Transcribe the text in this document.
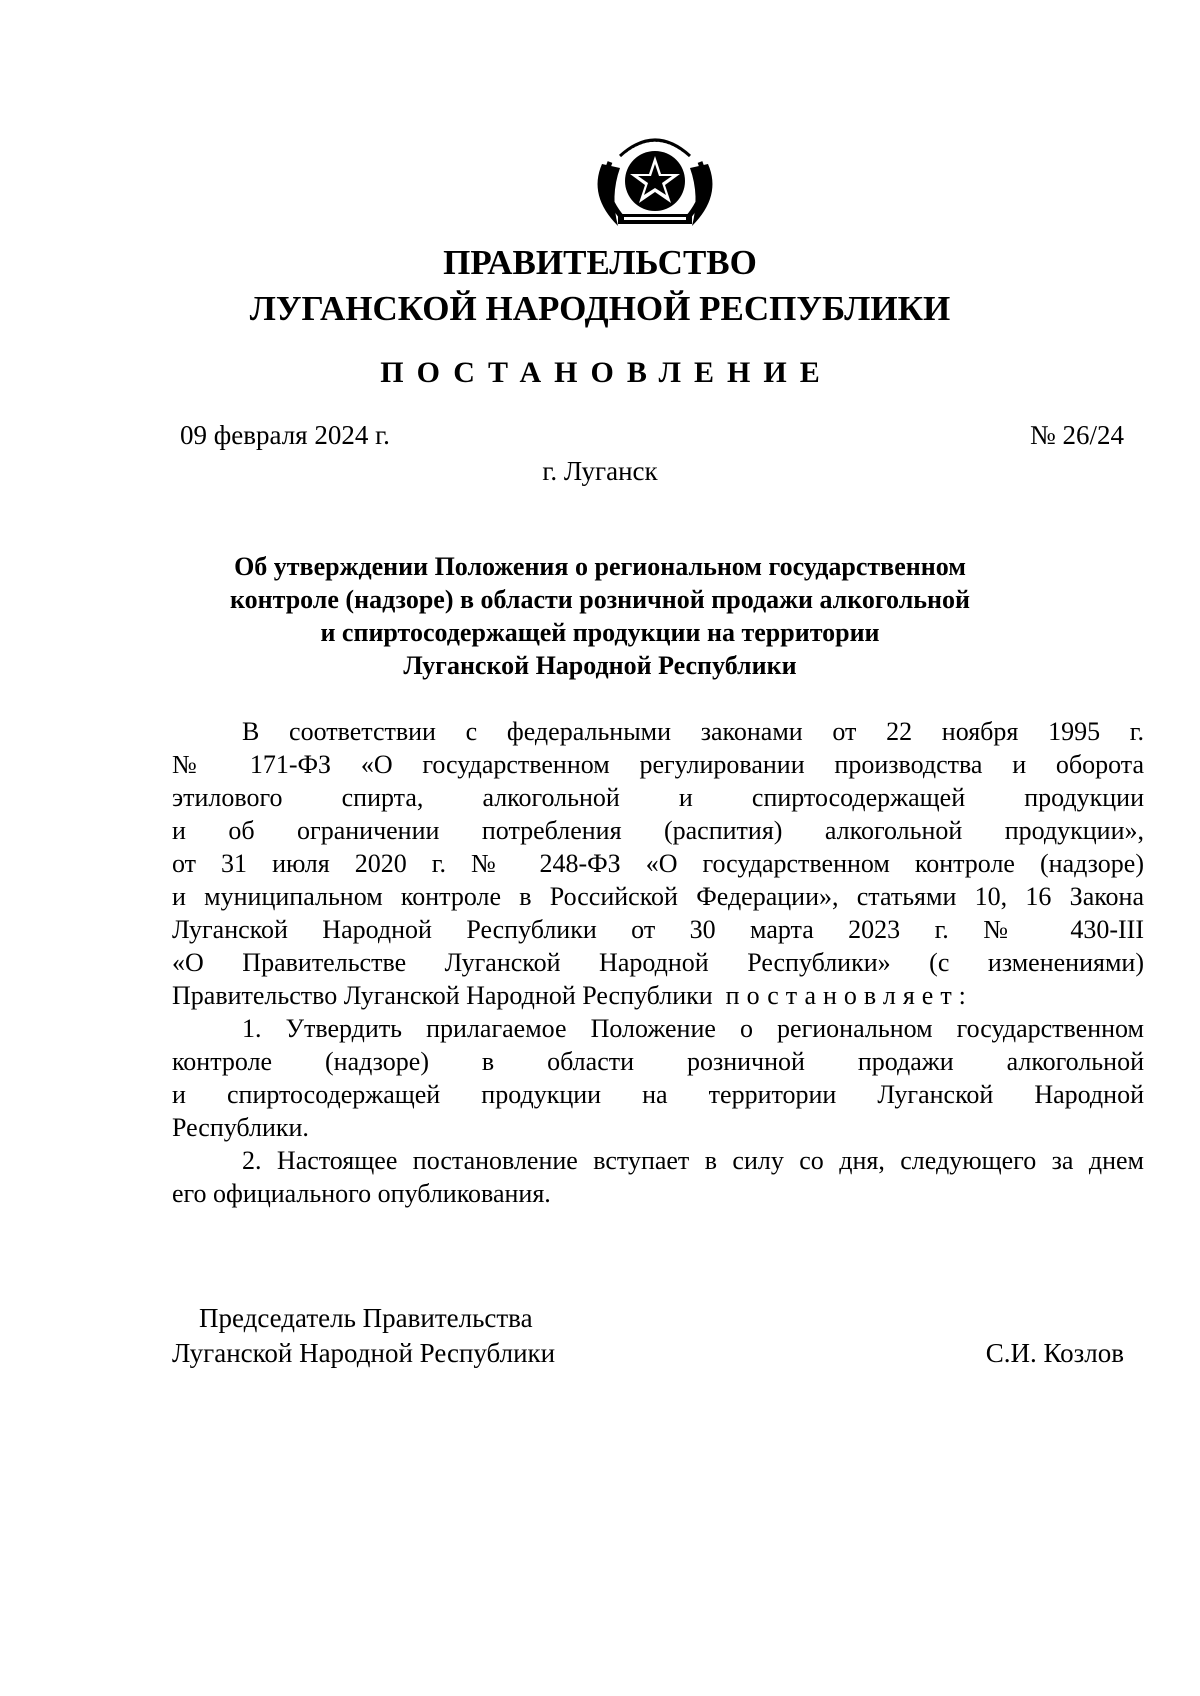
ПРАВИТЕЛЬСТВО
ЛУГАНСКОЙ НАРОДНОЙ РЕСПУБЛИКИ
ПОСТАНОВЛЕНИЕ
09 февраля 2024 г.	№ 26/24
г. Луганск
Об утверждении Положения о региональном государственном
контроле (надзоре) в области розничной продажи алкогольной
и спиртосодержащей продукции на территории
Луганской Народной Республики
В соответствии с федеральными законами от 22 ноября 1995 г.
№ 171-ФЗ «О государственном регулировании производства и оборота
этилового спирта, алкогольной и спиртосодержащей продукции
и об ограничении потребления (распития) алкогольной продукции»,
от 31 июля 2020 г. № 248-ФЗ «О государственном контроле (надзоре)
и муниципальном контроле в Российской Федерации», статьями 10, 16 Закона
Луганской Народной Республики от 30 марта 2023 г. № 430-III
«О Правительстве Луганской Народной Республики» (с изменениями)
Правительство Луганской Народной Республики постановляет:
1. Утвердить прилагаемое Положение о региональном государственном
контроле (надзоре) в области розничной продажи алкогольной
и спиртосодержащей продукции на территории Луганской Народной
Республики.
2. Настоящее постановление вступает в силу со дня, следующего за днем
его официального опубликования.
Председатель Правительства
Луганской Народной Республики	С.И. Козлов
